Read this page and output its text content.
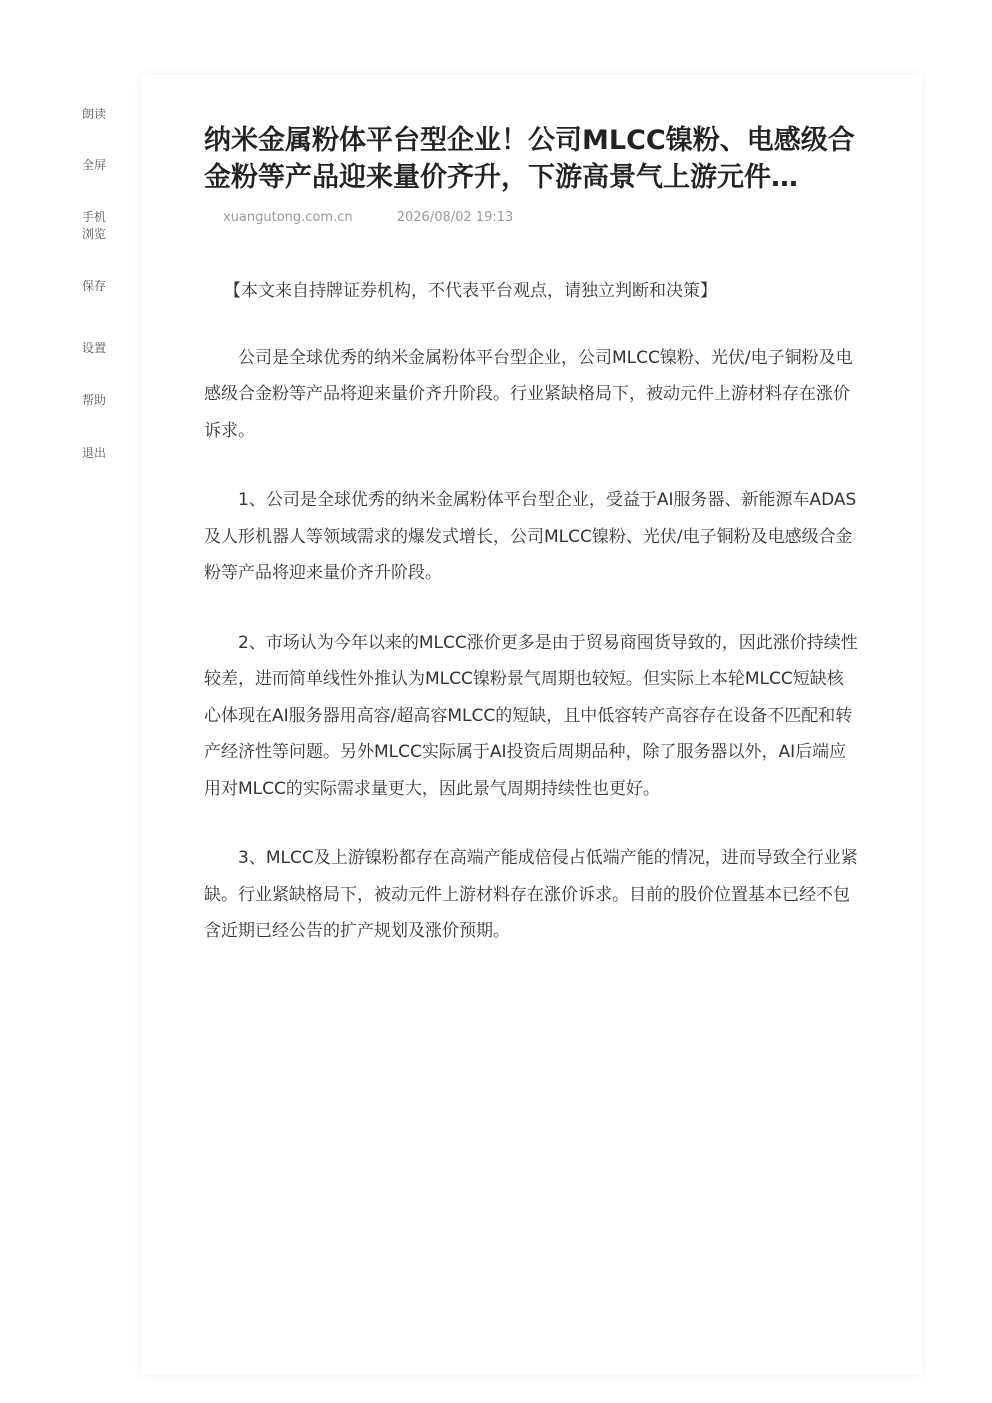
朗读
全屏
手机
浏览
保存
设置
帮助
退出
纳米金属粉体平台型企业！公司MLCC镍粉、电感级合金粉等产品迎来量价齐升，下游高景气上游元件…
xuangutong.com.cn	2026/08/02 19:13

【本文来自持牌证券机构，不代表平台观点，请独立判断和决策】

公司是全球优秀的纳米金属粉体平台型企业，公司MLCC镍粉、光伏/电子铜粉及电感级合金粉等产品将迎来量价齐升阶段。行业紧缺格局下，被动元件上游材料存在涨价诉求。

1、公司是全球优秀的纳米金属粉体平台型企业，受益于AI服务器、新能源车ADAS及人形机器人等领域需求的爆发式增长，公司MLCC镍粉、光伏/电子铜粉及电感级合金粉等产品将迎来量价齐升阶段。

2、市场认为今年以来的MLCC涨价更多是由于贸易商囤货导致的，因此涨价持续性较差，进而简单线性外推认为MLCC镍粉景气周期也较短。但实际上本轮MLCC短缺核心体现在AI服务器用高容/超高容MLCC的短缺，且中低容转产高容存在设备不匹配和转产经济性等问题。另外MLCC实际属于AI投资后周期品种，除了服务器以外，AI后端应用对MLCC的实际需求量更大，因此景气周期持续性也更好。

3、MLCC及上游镍粉都存在高端产能成倍侵占低端产能的情况，进而导致全行业紧缺。行业紧缺格局下，被动元件上游材料存在涨价诉求。目前的股价位置基本已经不包含近期已经公告的扩产规划及涨价预期。
